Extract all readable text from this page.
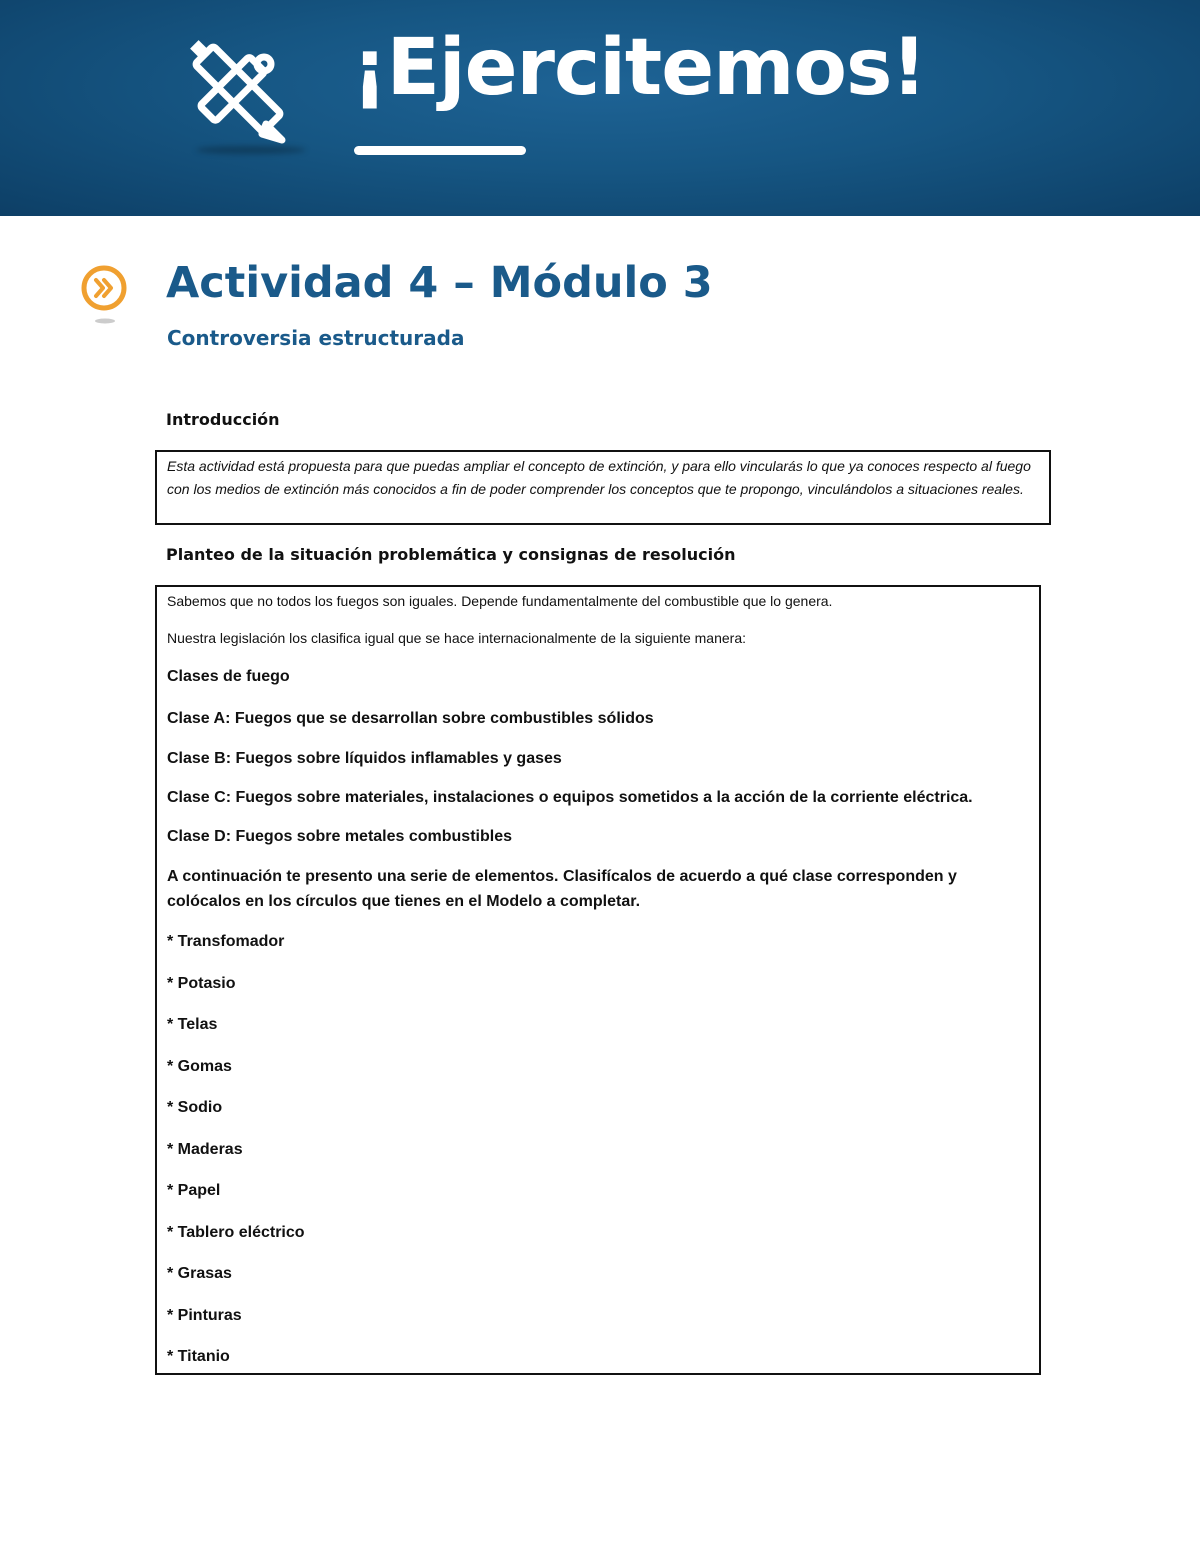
¡Ejercitemos!
Actividad 4 – Módulo 3
Controversia estructurada
Introducción

Esta actividad está propuesta para que puedas ampliar el concepto de extinción, y para ello vincularás lo que ya conoces respecto al fuego con los medios de extinción más conocidos a fin de poder comprender los conceptos que te propongo, vinculándolos a situaciones reales.

Planteo de la situación problemática y consignas de resolución

Sabemos que no todos los fuegos son iguales. Depende fundamentalmente del combustible que lo genera.

Nuestra legislación los clasifica igual que se hace internacionalmente de la siguiente manera:

Clases de fuego

Clase A: Fuegos que se desarrollan sobre combustibles sólidos

Clase B: Fuegos sobre líquidos inflamables y gases

Clase C: Fuegos sobre materiales, instalaciones o equipos sometidos a la acción de la corriente eléctrica.

Clase D: Fuegos sobre metales combustibles

A continuación te presento una serie de elementos. Clasifícalos de acuerdo a qué clase corresponden y colócalos en los círculos que tienes en el Modelo a completar.

* Transfomador
* Potasio
* Telas
* Gomas
* Sodio
* Maderas
* Papel
* Tablero eléctrico
* Grasas
* Pinturas
* Titanio
